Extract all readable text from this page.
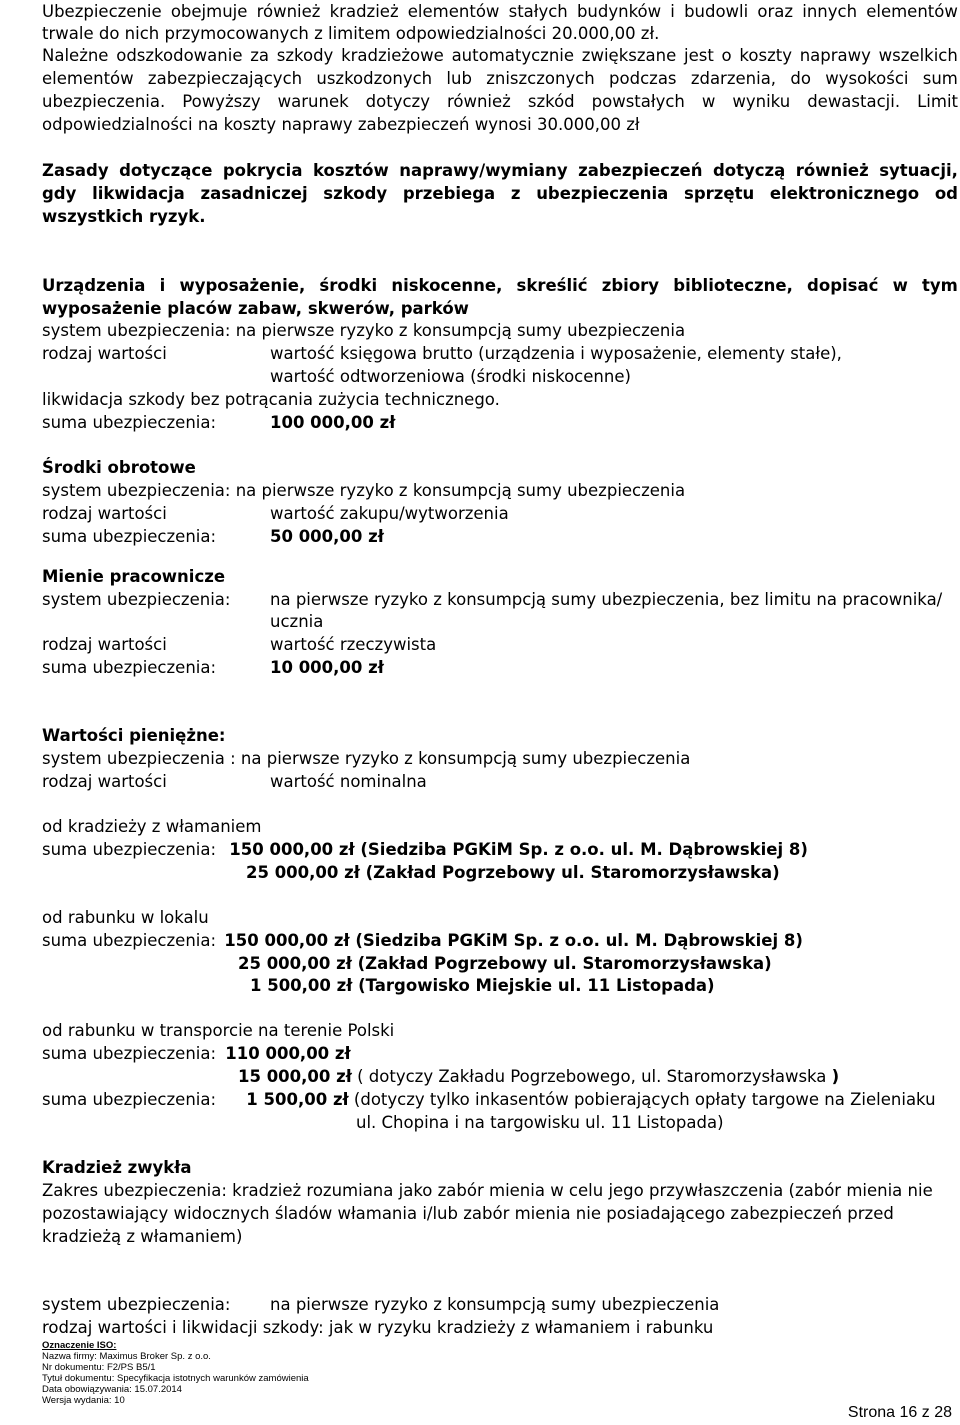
Ubezpieczenie obejmuje również kradzież elementów stałych budynków i budowli oraz innych elementów
trwale do nich przymocowanych z limitem odpowiedzialności 20.000,00 zł.
Należne odszkodowanie za szkody kradzieżowe automatycznie zwiększane jest o koszty naprawy wszelkich
elementów zabezpieczających uszkodzonych lub zniszczonych podczas zdarzenia, do wysokości sum
ubezpieczenia. Powyższy warunek dotyczy również szkód powstałych w wyniku dewastacji. Limit
odpowiedzialności na koszty naprawy zabezpieczeń wynosi 30.000,00 zł
Zasady dotyczące pokrycia kosztów naprawy/wymiany zabezpieczeń dotyczą również sytuacji,
gdy likwidacja zasadniczej szkody przebiega z ubezpieczenia sprzętu elektronicznego od
wszystkich ryzyk.
Urządzenia i wyposażenie, środki niskocenne, skreślić zbiory biblioteczne, dopisać w tym
wyposażenie placów zabaw, skwerów, parków
system ubezpieczenia: na pierwsze ryzyko z konsumpcją sumy ubezpieczenia
rodzaj wartości	wartość księgowa brutto (urządzenia i wyposażenie, elementy stałe),
wartość odtworzeniowa (środki niskocenne)
likwidacja szkody bez potrącania zużycia technicznego.
suma ubezpieczenia:	100 000,00 zł
Środki obrotowe
system ubezpieczenia: na pierwsze ryzyko z konsumpcją sumy ubezpieczenia
rodzaj wartości	wartość zakupu/wytworzenia
suma ubezpieczenia:	50 000,00 zł
Mienie pracownicze
system ubezpieczenia: na pierwsze ryzyko z konsumpcją sumy ubezpieczenia, bez limitu na pracownika/
ucznia
rodzaj wartości	wartość rzeczywista
suma ubezpieczenia:	10 000,00 zł
Wartości pieniężne:
system ubezpieczenia : na pierwsze ryzyko z konsumpcją sumy ubezpieczenia
rodzaj wartości	wartość nominalna
od kradzieży z włamaniem
suma ubezpieczenia: 150 000,00 zł (Siedziba PGKiM Sp. z o.o. ul. M. Dąbrowskiej 8)
25 000,00 zł (Zakład Pogrzebowy ul. Staromorzysławska)
od rabunku w lokalu
suma ubezpieczenia: 150 000,00 zł (Siedziba PGKiM Sp. z o.o. ul. M. Dąbrowskiej 8)
25 000,00 zł (Zakład Pogrzebowy ul. Staromorzysławska)
1 500,00 zł (Targowisko Miejskie ul. 11 Listopada)
od rabunku w transporcie na terenie Polski
suma ubezpieczenia: 110 000,00 zł
15 000,00 zł ( dotyczy Zakładu Pogrzebowego, ul. Staromorzysławska )
suma ubezpieczenia: 1 500,00 zł (dotyczy tylko inkasentów pobierających opłaty targowe na Zieleniaku
ul. Chopina i na targowisku ul. 11 Listopada)
Kradzież zwykła
Zakres ubezpieczenia: kradzież rozumiana jako zabór mienia w celu jego przywłaszczenia (zabór mienia nie
pozostawiający widocznych śladów włamania i/lub zabór mienia nie posiadającego zabezpieczeń przed
kradzieżą z włamaniem)
system ubezpieczenia: na pierwsze ryzyko z konsumpcją sumy ubezpieczenia
rodzaj wartości i likwidacji szkody: jak w ryzyku kradzieży z włamaniem i rabunku
Oznaczenie ISO:
Nazwa firmy: Maximus Broker Sp. z o.o.
Nr dokumentu: F2/PS B5/1
Tytuł dokumentu: Specyfikacja istotnych warunków zamówienia
Data obowiązywania: 15.07.2014
Wersja wydania: 10
Strona 16 z 28
